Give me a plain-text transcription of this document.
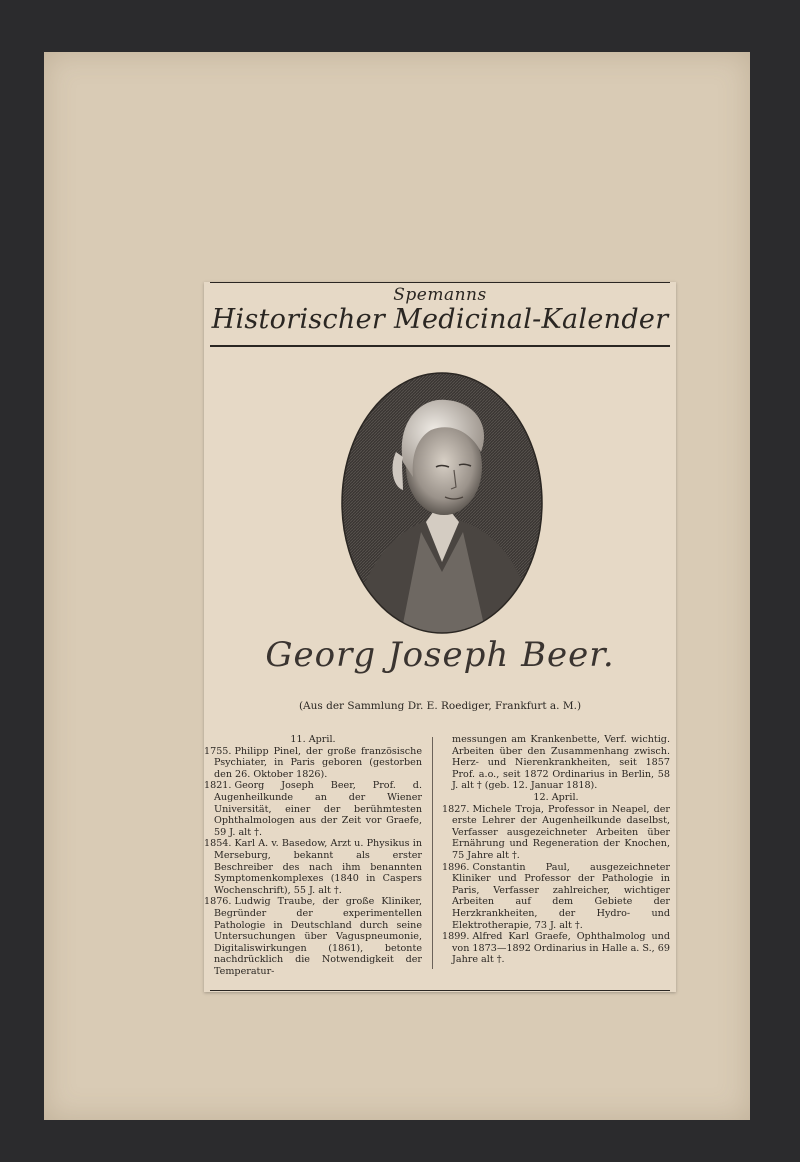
Spemanns
Historischer Medicinal-Kalender
Georg Joseph Beer.
(Aus der Sammlung Dr. E. Roediger, Frankfurt a. M.)
11. April.
1755. Philipp Pinel, der große französische Psychiater, in Paris geboren (gestorben den 26. Oktober 1826).
1821. Georg Joseph Beer, Prof. d. Augenheilkunde an der Wiener Universität, einer der berühmtesten Ophthalmologen aus der Zeit vor Graefe, 59 J. alt †.
1854. Karl A. v. Basedow, Arzt u. Physikus in Merseburg, bekannt als erster Beschreiber des nach ihm benannten Symptomenkomplexes (1840 in Caspers Wochenschrift), 55 J. alt †.
1876. Ludwig Traube, der große Kliniker, Begründer der experimentellen Pathologie in Deutschland durch seine Untersuchungen über Vaguspneumonie, Digitaliswirkungen (1861), betonte nachdrücklich die Notwendigkeit der Temperatur-
messungen am Krankenbette, Verf. wichtig. Arbeiten über den Zusammenhang zwisch. Herz- und Nierenkrankheiten, seit 1857 Prof. a.o., seit 1872 Ordinarius in Berlin, 58 J. alt † (geb. 12. Januar 1818).
12. April.
1827. Michele Troja, Professor in Neapel, der erste Lehrer der Augenheilkunde daselbst, Verfasser ausgezeichneter Arbeiten über Ernährung und Regeneration der Knochen, 75 Jahre alt †.
1896. Constantin Paul, ausgezeichneter Kliniker und Professor der Pathologie in Paris, Verfasser zahlreicher, wichtiger Arbeiten auf dem Gebiete der Herzkrankheiten, der Hydro- und Elektrotherapie, 73 J. alt †.
1899. Alfred Karl Graefe, Ophthalmolog und von 1873—1892 Ordinarius in Halle a. S., 69 Jahre alt †.
